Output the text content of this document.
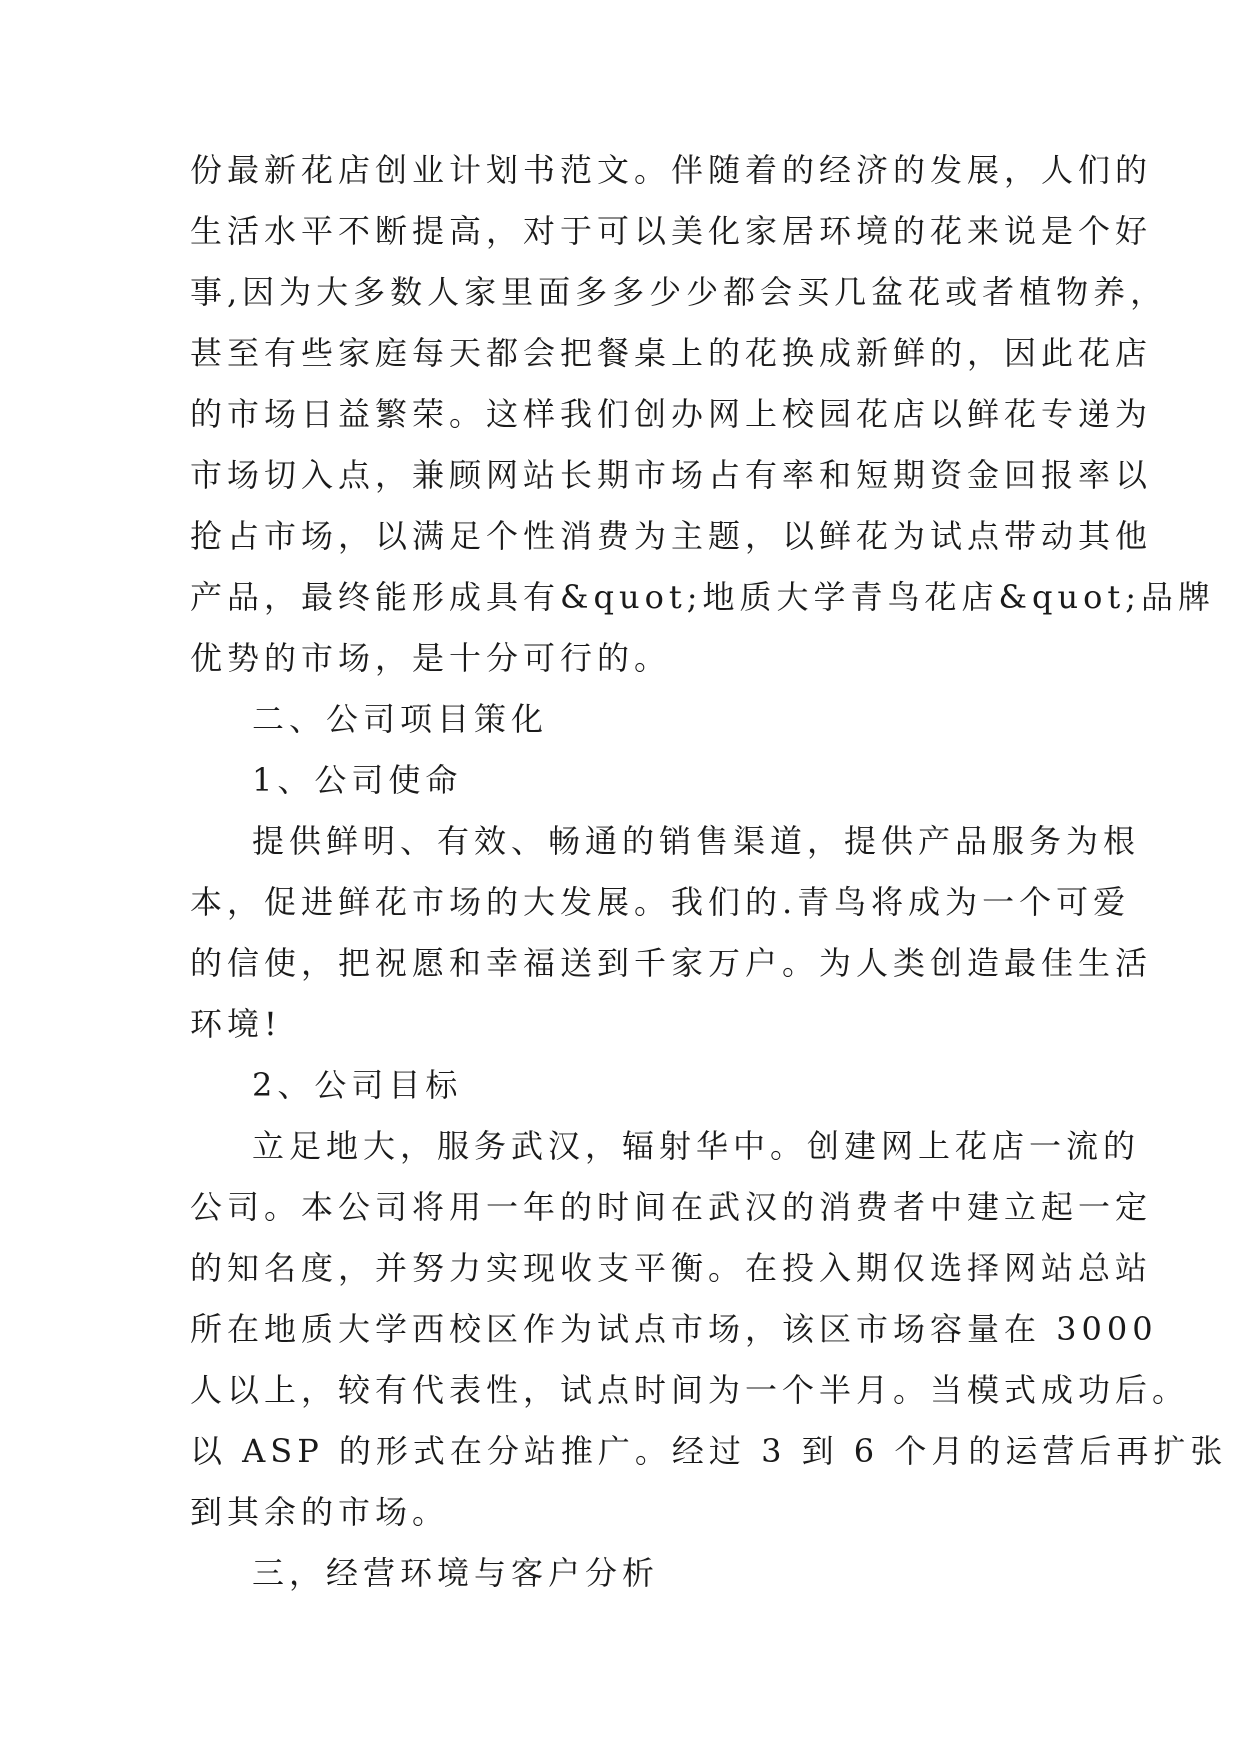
份最新花店创业计划书范文。伴随着的经济的发展，人们的
生活水平不断提高，对于可以美化家居环境的花来说是个好
事,因为大多数人家里面多多少少都会买几盆花或者植物养，
甚至有些家庭每天都会把餐桌上的花换成新鲜的，因此花店
的市场日益繁荣。这样我们创办网上校园花店以鲜花专递为
市场切入点，兼顾网站长期市场占有率和短期资金回报率以
抢占市场，以满足个性消费为主题，以鲜花为试点带动其他
产品，最终能形成具有&quot;地质大学青鸟花店&quot;品牌
优势的市场，是十分可行的。
二、公司项目策化
1、公司使命
提供鲜明、有效、畅通的销售渠道，提供产品服务为根
本，促进鲜花市场的大发展。我们的.青鸟将成为一个可爱
的信使，把祝愿和幸福送到千家万户。为人类创造最佳生活
环境!
2、公司目标
立足地大，服务武汉，辐射华中。创建网上花店一流的
公司。本公司将用一年的时间在武汉的消费者中建立起一定
的知名度，并努力实现收支平衡。在投入期仅选择网站总站
所在地质大学西校区作为试点市场，该区市场容量在 3000
人以上，较有代表性，试点时间为一个半月。当模式成功后。
以 ASP 的形式在分站推广。经过 3 到 6 个月的运营后再扩张
到其余的市场。
三，经营环境与客户分析
